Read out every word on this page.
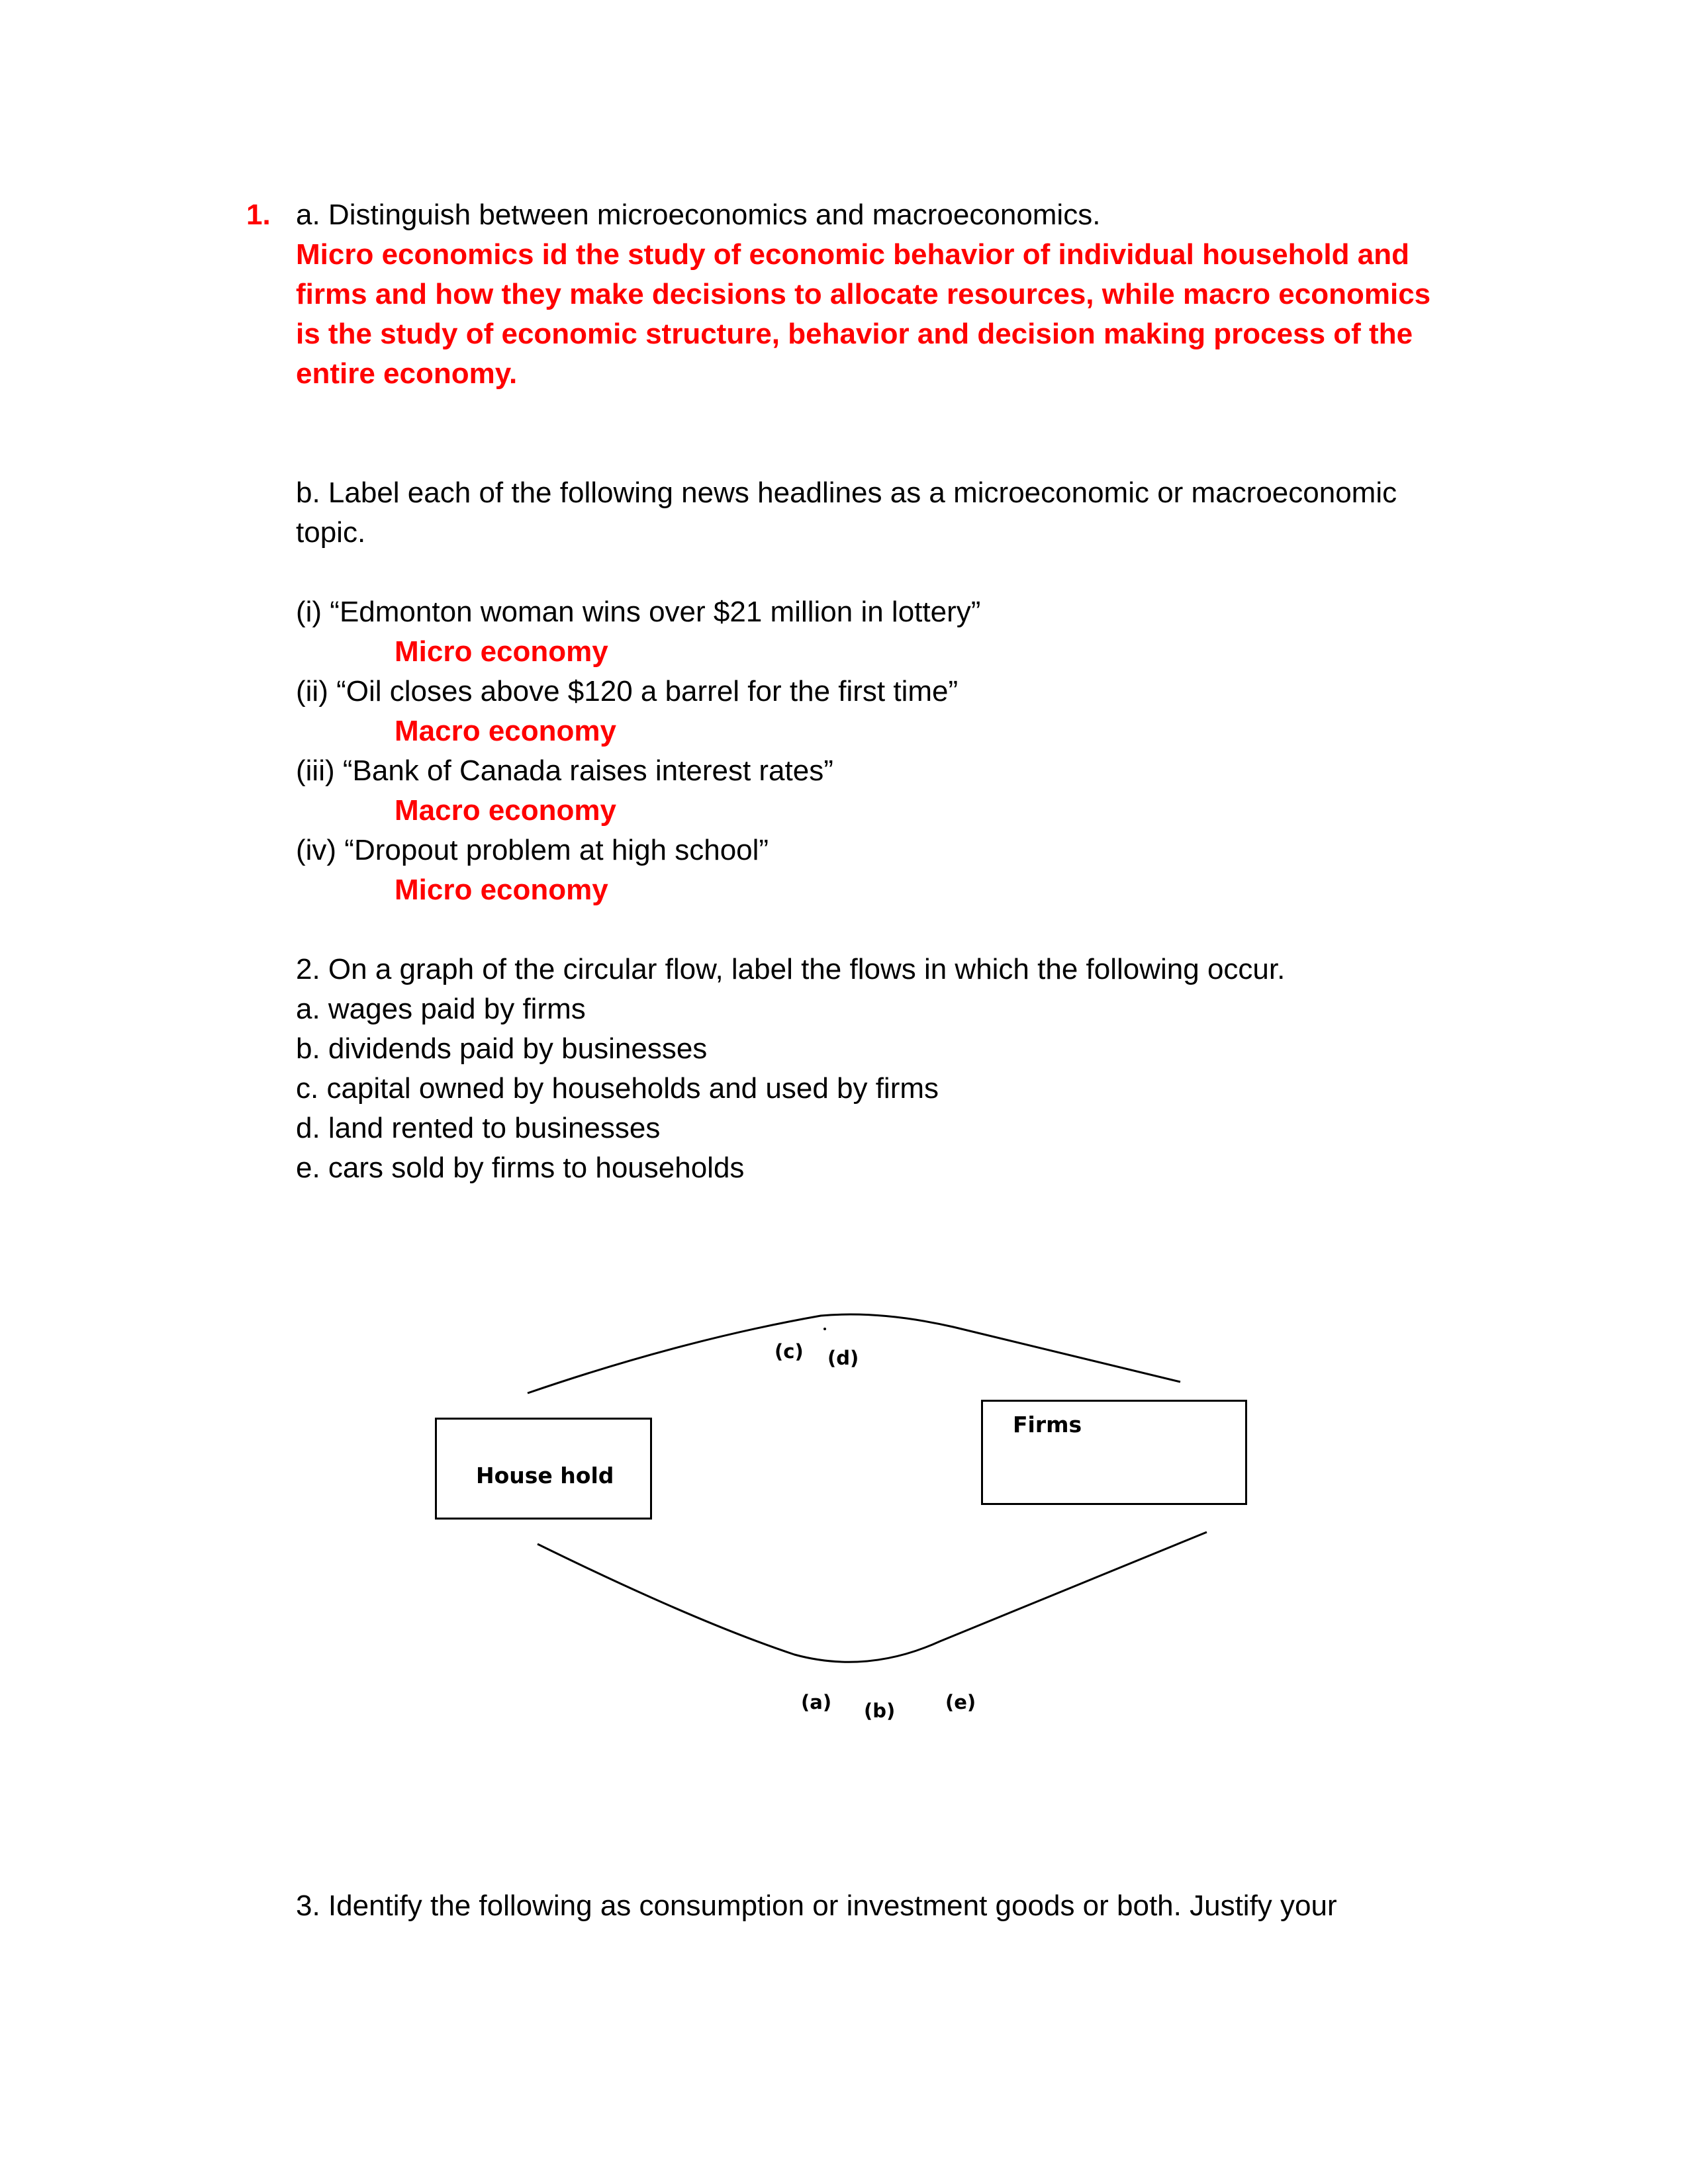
1. a. Distinguish between microeconomics and macroeconomics.
Micro economics id the study of economic behavior of individual household and
firms and how they make decisions to allocate resources, while macro economics
is the study of economic structure, behavior and decision making process of the
entire economy.
b. Label each of the following news headlines as a microeconomic or macroeconomic
topic.
(i) “Edmonton woman wins over $21 million in lottery”
Micro economy
(ii) “Oil closes above $120 a barrel for the first time”
Macro economy
(iii) “Bank of Canada raises interest rates”
Macro economy
(iv) “Dropout problem at high school”
Micro economy
2. On a graph of the circular flow, label the flows in which the following occur.
a. wages paid by firms
b. dividends paid by businesses
c. capital owned by households and used by firms
d. land rented to businesses
e. cars sold by firms to households
House hold
Firms
(c) (d)
(a) (b)	(e)
3. Identify the following as consumption or investment goods or both. Justify your
